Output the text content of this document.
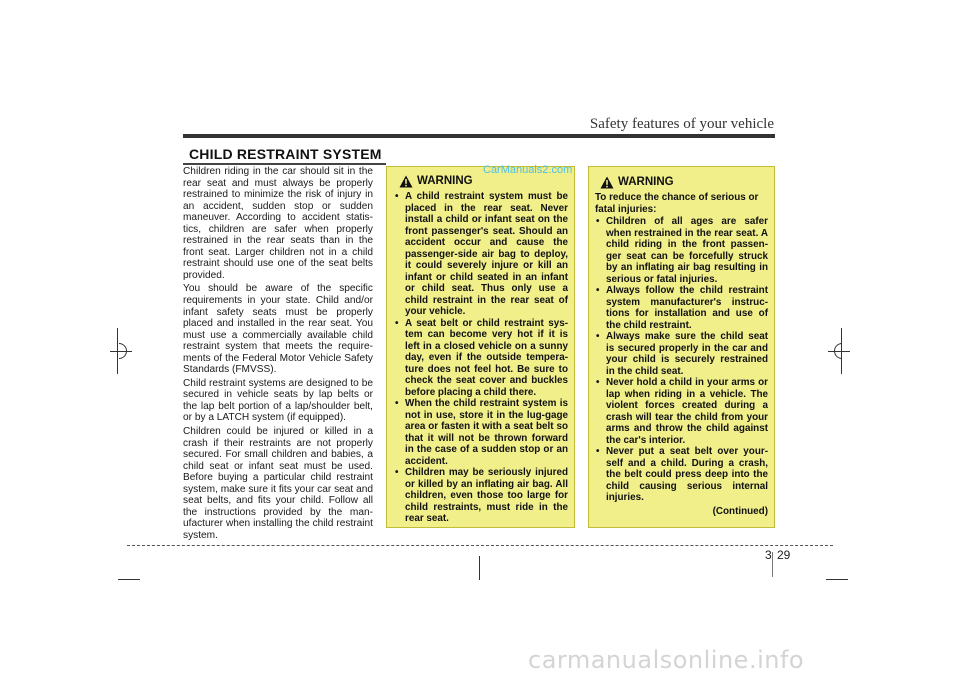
Safety features of your vehicle
CHILD RESTRAINT SYSTEM

Children riding in the car should sit in the rear seat and must always be properly restrained to minimize the risk of injury in an accident, sudden stop or sudden maneuver. According to accident statis-tics, children are safer when properly restrained in the rear seats than in the front seat. Larger children not in a child restraint should use one of the seat belts provided.

You should be aware of the specific requirements in your state. Child and/or infant safety seats must be properly placed and installed in the rear seat. You must use a commercially available child restraint system that meets the require-ments of the Federal Motor Vehicle Safety Standards (FMVSS).

Child restraint systems are designed to be secured in vehicle seats by lap belts or the lap belt portion of a lap/shoulder belt, or by a LATCH system (if equipped).

Children could be injured or killed in a crash if their restraints are not properly secured. For small children and babies, a child seat or infant seat must be used. Before buying a particular child restraint system, make sure it fits your car seat and seat belts, and fits your child. Follow all the instructions provided by the man-ufacturer when installing the child restraint system.

WARNING
• A child restraint system must be placed in the rear seat. Never install a child or infant seat on the front passenger's seat. Should an accident occur and cause the passenger-side air bag to deploy, it could severely injure or kill an infant or child seated in an infant or child seat. Thus only use a child restraint in the rear seat of your vehicle.
• A seat belt or child restraint sys-tem can become very hot if it is left in a closed vehicle on a sunny day, even if the outside tempera-ture does not feel hot. Be sure to check the seat cover and buckles before placing a child there.
• When the child restraint system is not in use, store it in the lug-gage area or fasten it with a seat belt so that it will not be thrown forward in the case of a sudden stop or an accident.
• Children may be seriously injured or killed by an inflating air bag. All children, even those too large for child restraints, must ride in the rear seat.
WARNING
To reduce the chance of serious or fatal injuries:
• Children of all ages are safer when restrained in the rear seat. A child riding in the front passen-ger seat can be forcefully struck by an inflating air bag resulting in serious or fatal injuries.
• Always follow the child restraint system manufacturer's instruc-tions for installation and use of the child restraint.
• Always make sure the child seat is secured properly in the car and your child is securely restrained in the child seat.
• Never hold a child in your arms or lap when riding in a vehicle. The violent forces created during a crash will tear the child from your arms and throw the child against the car's interior.
• Never put a seat belt over your-self and a child. During a crash, the belt could press deep into the child causing serious internal injuries.
(Continued)
CarManuals2.com
3 29
carmanualsonline.info
